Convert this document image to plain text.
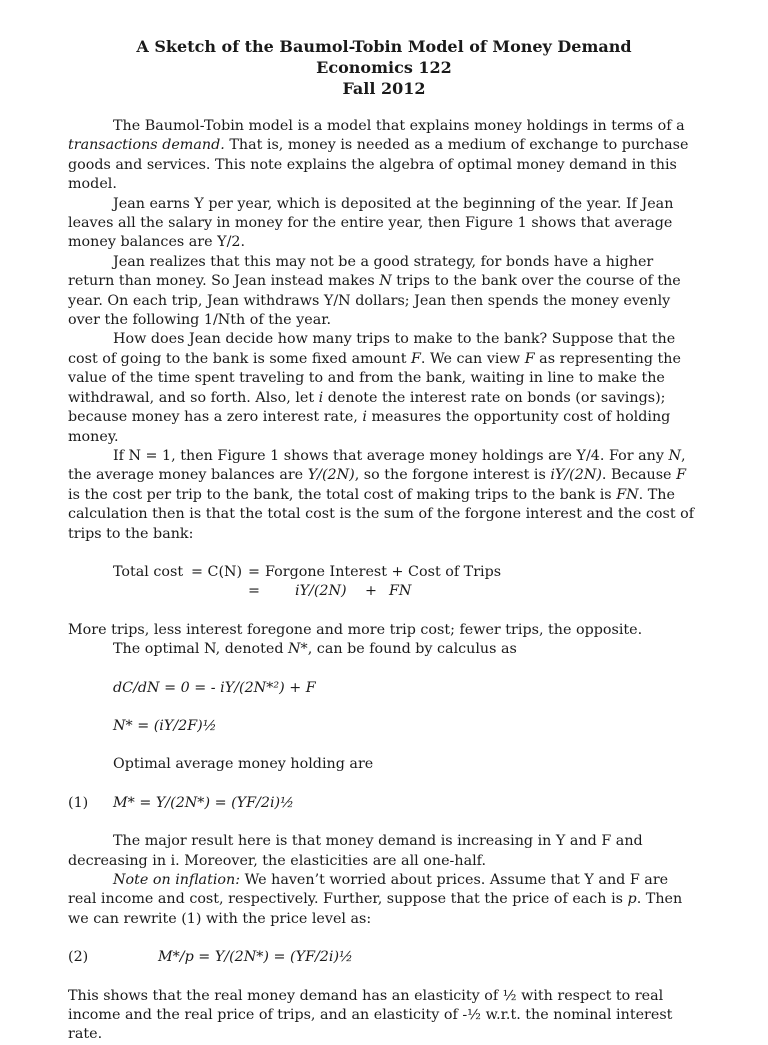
A Sketch of the Baumol-Tobin Model of Money Demand
Economics 122
Fall 2012

The Baumol-Tobin model is a model that explains money holdings in terms of a transactions demand. That is, money is needed as a medium of exchange to purchase goods and services. This note explains the algebra of optimal money demand in this model.

Jean earns Y per year, which is deposited at the beginning of the year. If Jean leaves all the salary in money for the entire year, then Figure 1 shows that average money balances are Y/2.

Jean realizes that this may not be a good strategy, for bonds have a higher return than money. So Jean instead makes N trips to the bank over the course of the year. On each trip, Jean withdraws Y/N dollars; Jean then spends the money evenly over the following 1/Nth of the year.

How does Jean decide how many trips to make to the bank? Suppose that the cost of going to the bank is some fixed amount F. We can view F as representing the value of the time spent traveling to and from the bank, waiting in line to make the withdrawal, and so forth. Also, let i denote the interest rate on bonds (or savings); because money has a zero interest rate, i measures the opportunity cost of holding money.

If N = 1, then Figure 1 shows that average money holdings are Y/4. For any N, the average money balances are Y/(2N), so the forgone interest is iY/(2N). Because F is the cost per trip to the bank, the total cost of making trips to the bank is FN. The calculation then is that the total cost is the sum of the forgone interest and the cost of trips to the bank:

Total cost = C(N) = Forgone Interest + Cost of Trips
= iY/(2N) + FN

More trips, less interest foregone and more trip cost; fewer trips, the opposite.

The optimal N, denoted N*, can be found by calculus as

dC/dN = 0 = - iY/(2N*²) + F

N* = (iY/2F)½

Optimal average money holding are

(1) M* = Y/(2N*) = (YF/2i)½

The major result here is that money demand is increasing in Y and F and decreasing in i. Moreover, the elasticities are all one-half.

Note on inflation: We haven’t worried about prices. Assume that Y and F are real income and cost, respectively. Further, suppose that the price of each is p. Then we can rewrite (1) with the price level as:

(2)	M*/p = Y/(2N*) = (YF/2i)½

This shows that the real money demand has an elasticity of ½ with respect to real income and the real price of trips, and an elasticity of -½ w.r.t. the nominal interest rate.
